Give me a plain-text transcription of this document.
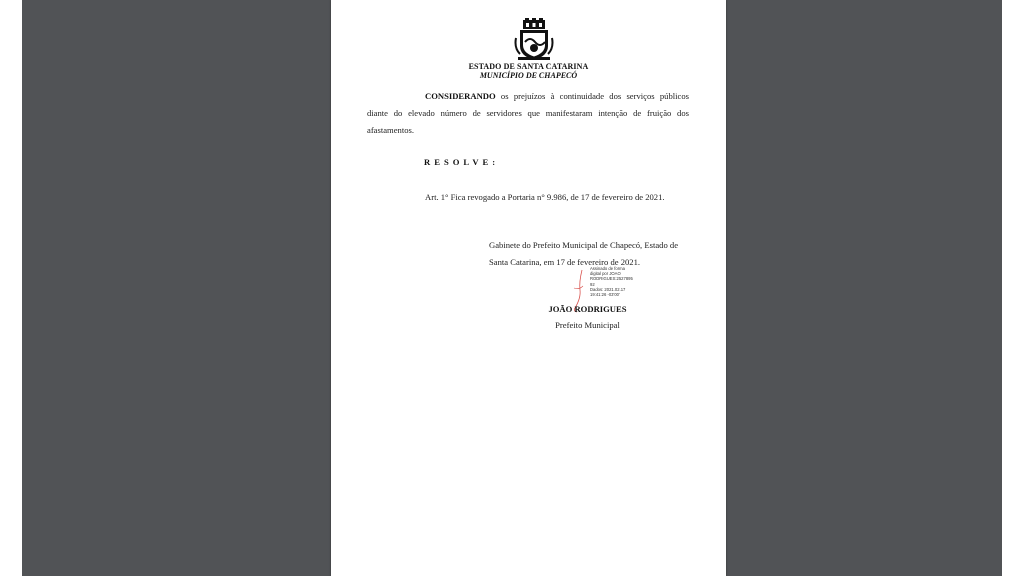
ESTADO DE SANTA CATARINA
MUNICÍPIO DE CHAPECÓ
CONSIDERANDO os prejuízos à continuidade dos serviços públicos diante do elevado número de servidores que manifestaram intenção de fruição dos afastamentos.
RESOLVE:
Art. 1° Fica revogado a Portaria n° 9.986, de 17 de fevereiro de 2021.
Gabinete do Prefeito Municipal de Chapecó, Estado de Santa Catarina, em 17 de fevereiro de 2021.
Assinado de forma
digital por JOAO
RODRIGUES:2527895
92
Dados: 2021.02.17
19:41:26 -03'00'
JOÃO RODRIGUES
Prefeito Municipal
